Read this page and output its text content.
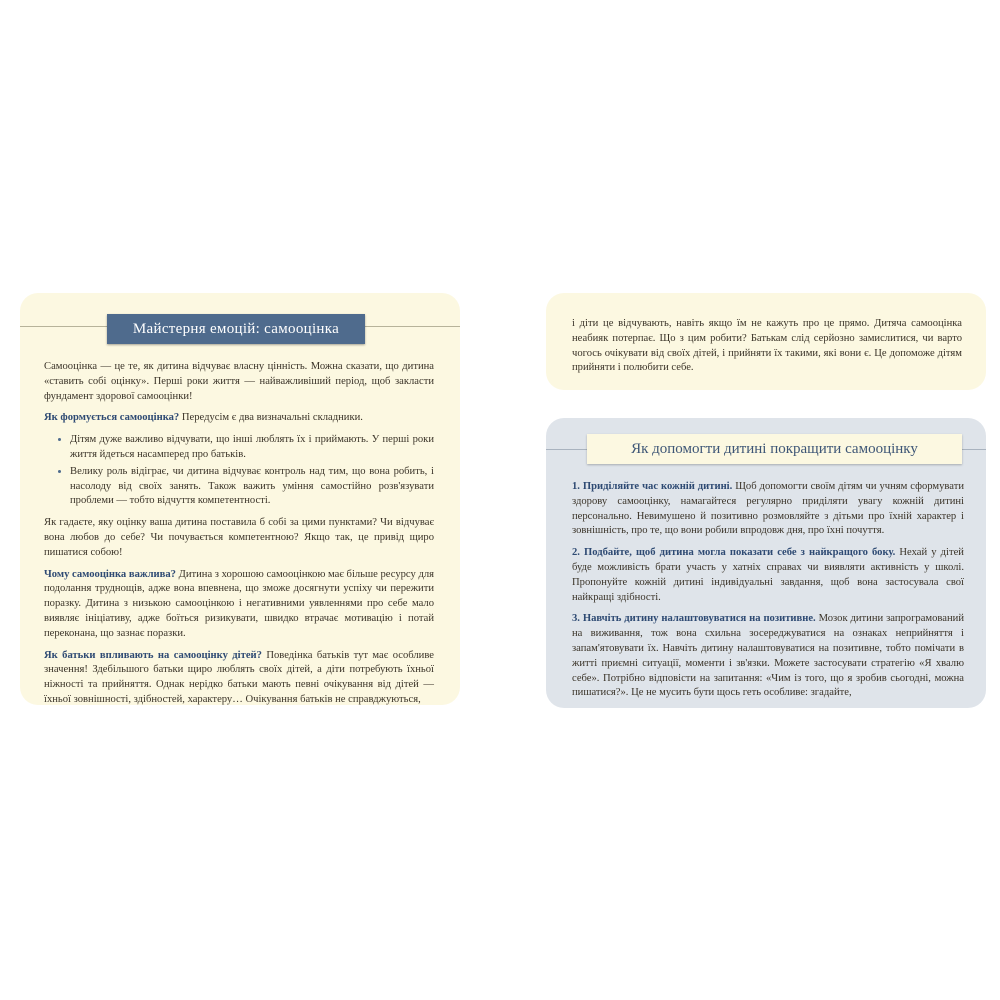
Майстерня емоцій: самооцінка

Самооцінка — це те, як дитина відчуває власну цінність. Можна сказати, що дитина «ставить собі оцінку». Перші роки життя — найважливіший період, щоб закласти фундамент здорової самооцінки!

Як формується самооцінка? Передусім є два визначальні складники.

• Дітям дуже важливо відчувати, що інші люблять їх і приймають. У перші роки життя йдеться насамперед про батьків.
• Велику роль відіграє, чи дитина відчуває контроль над тим, що вона робить, і насолоду від своїх занять. Також важить уміння самостійно розв'язувати проблеми — тобто відчуття компетентності.

Як гадаєте, яку оцінку ваша дитина поставила б собі за цими пунктами? Чи відчуває вона любов до себе? Чи почувається компетентною? Якщо так, це привід щиро пишатися собою!

Чому самооцінка важлива? Дитина з хорошою самооцінкою має більше ресурсу для подолання труднощів, адже вона впевнена, що зможе досягнути успіху чи пережити поразку. Дитина з низькою самооцінкою і негативними уявленнями про себе мало виявляє ініціативу, адже боїться ризикувати, швидко втрачає мотивацію і потай переконана, що зазнає поразки.

Як батьки впливають на самооцінку дітей? Поведінка батьків тут має особливе значення! Здебільшого батьки щиро люблять своїх дітей, а діти потребують їхньої ніжності та прийняття. Однак нерідко батьки мають певні очікування від дітей — їхньої зовнішності, здібностей, характеру… Очікування батьків не справджуються,

і діти це відчувають, навіть якщо їм не кажуть про це прямо. Дитяча самооцінка неабияк потерпає. Що з цим робити? Батькам слід серйозно замислитися, чи варто чогось очікувати від своїх дітей, і прийняти їх такими, які вони є. Це допоможе дітям прийняти і полюбити себе.

Як допомогти дитині покращити самооцінку

1. Приділяйте час кожній дитині. Щоб допомогти своїм дітям чи учням сформувати здорову самооцінку, намагайтеся регулярно приділяти увагу кожній дитині персонально. Невимушено й позитивно розмовляйте з дітьми про їхній характер і зовнішність, про те, що вони робили впродовж дня, про їхні почуття.

2. Подбайте, щоб дитина могла показати себе з найкращого боку. Нехай у дітей буде можливість брати участь у хатніх справах чи виявляти активність у школі. Пропонуйте кожній дитині індивідуальні завдання, щоб вона застосувала свої найкращі здібності.

3. Навчіть дитину налаштовуватися на позитивне. Мозок дитини запрограмований на виживання, тож вона схильна зосереджуватися на ознаках неприйняття і запам'ятовувати їх. Навчіть дитину налаштовуватися на позитивне, тобто помічати в житті приємні ситуації, моменти і зв'язки. Можете застосувати стратегію «Я хвалю себе». Потрібно відповісти на запитання: «Чим із того, що я зробив сьогодні, можна пишатися?». Це не мусить бути щось геть особливе: згадайте,
